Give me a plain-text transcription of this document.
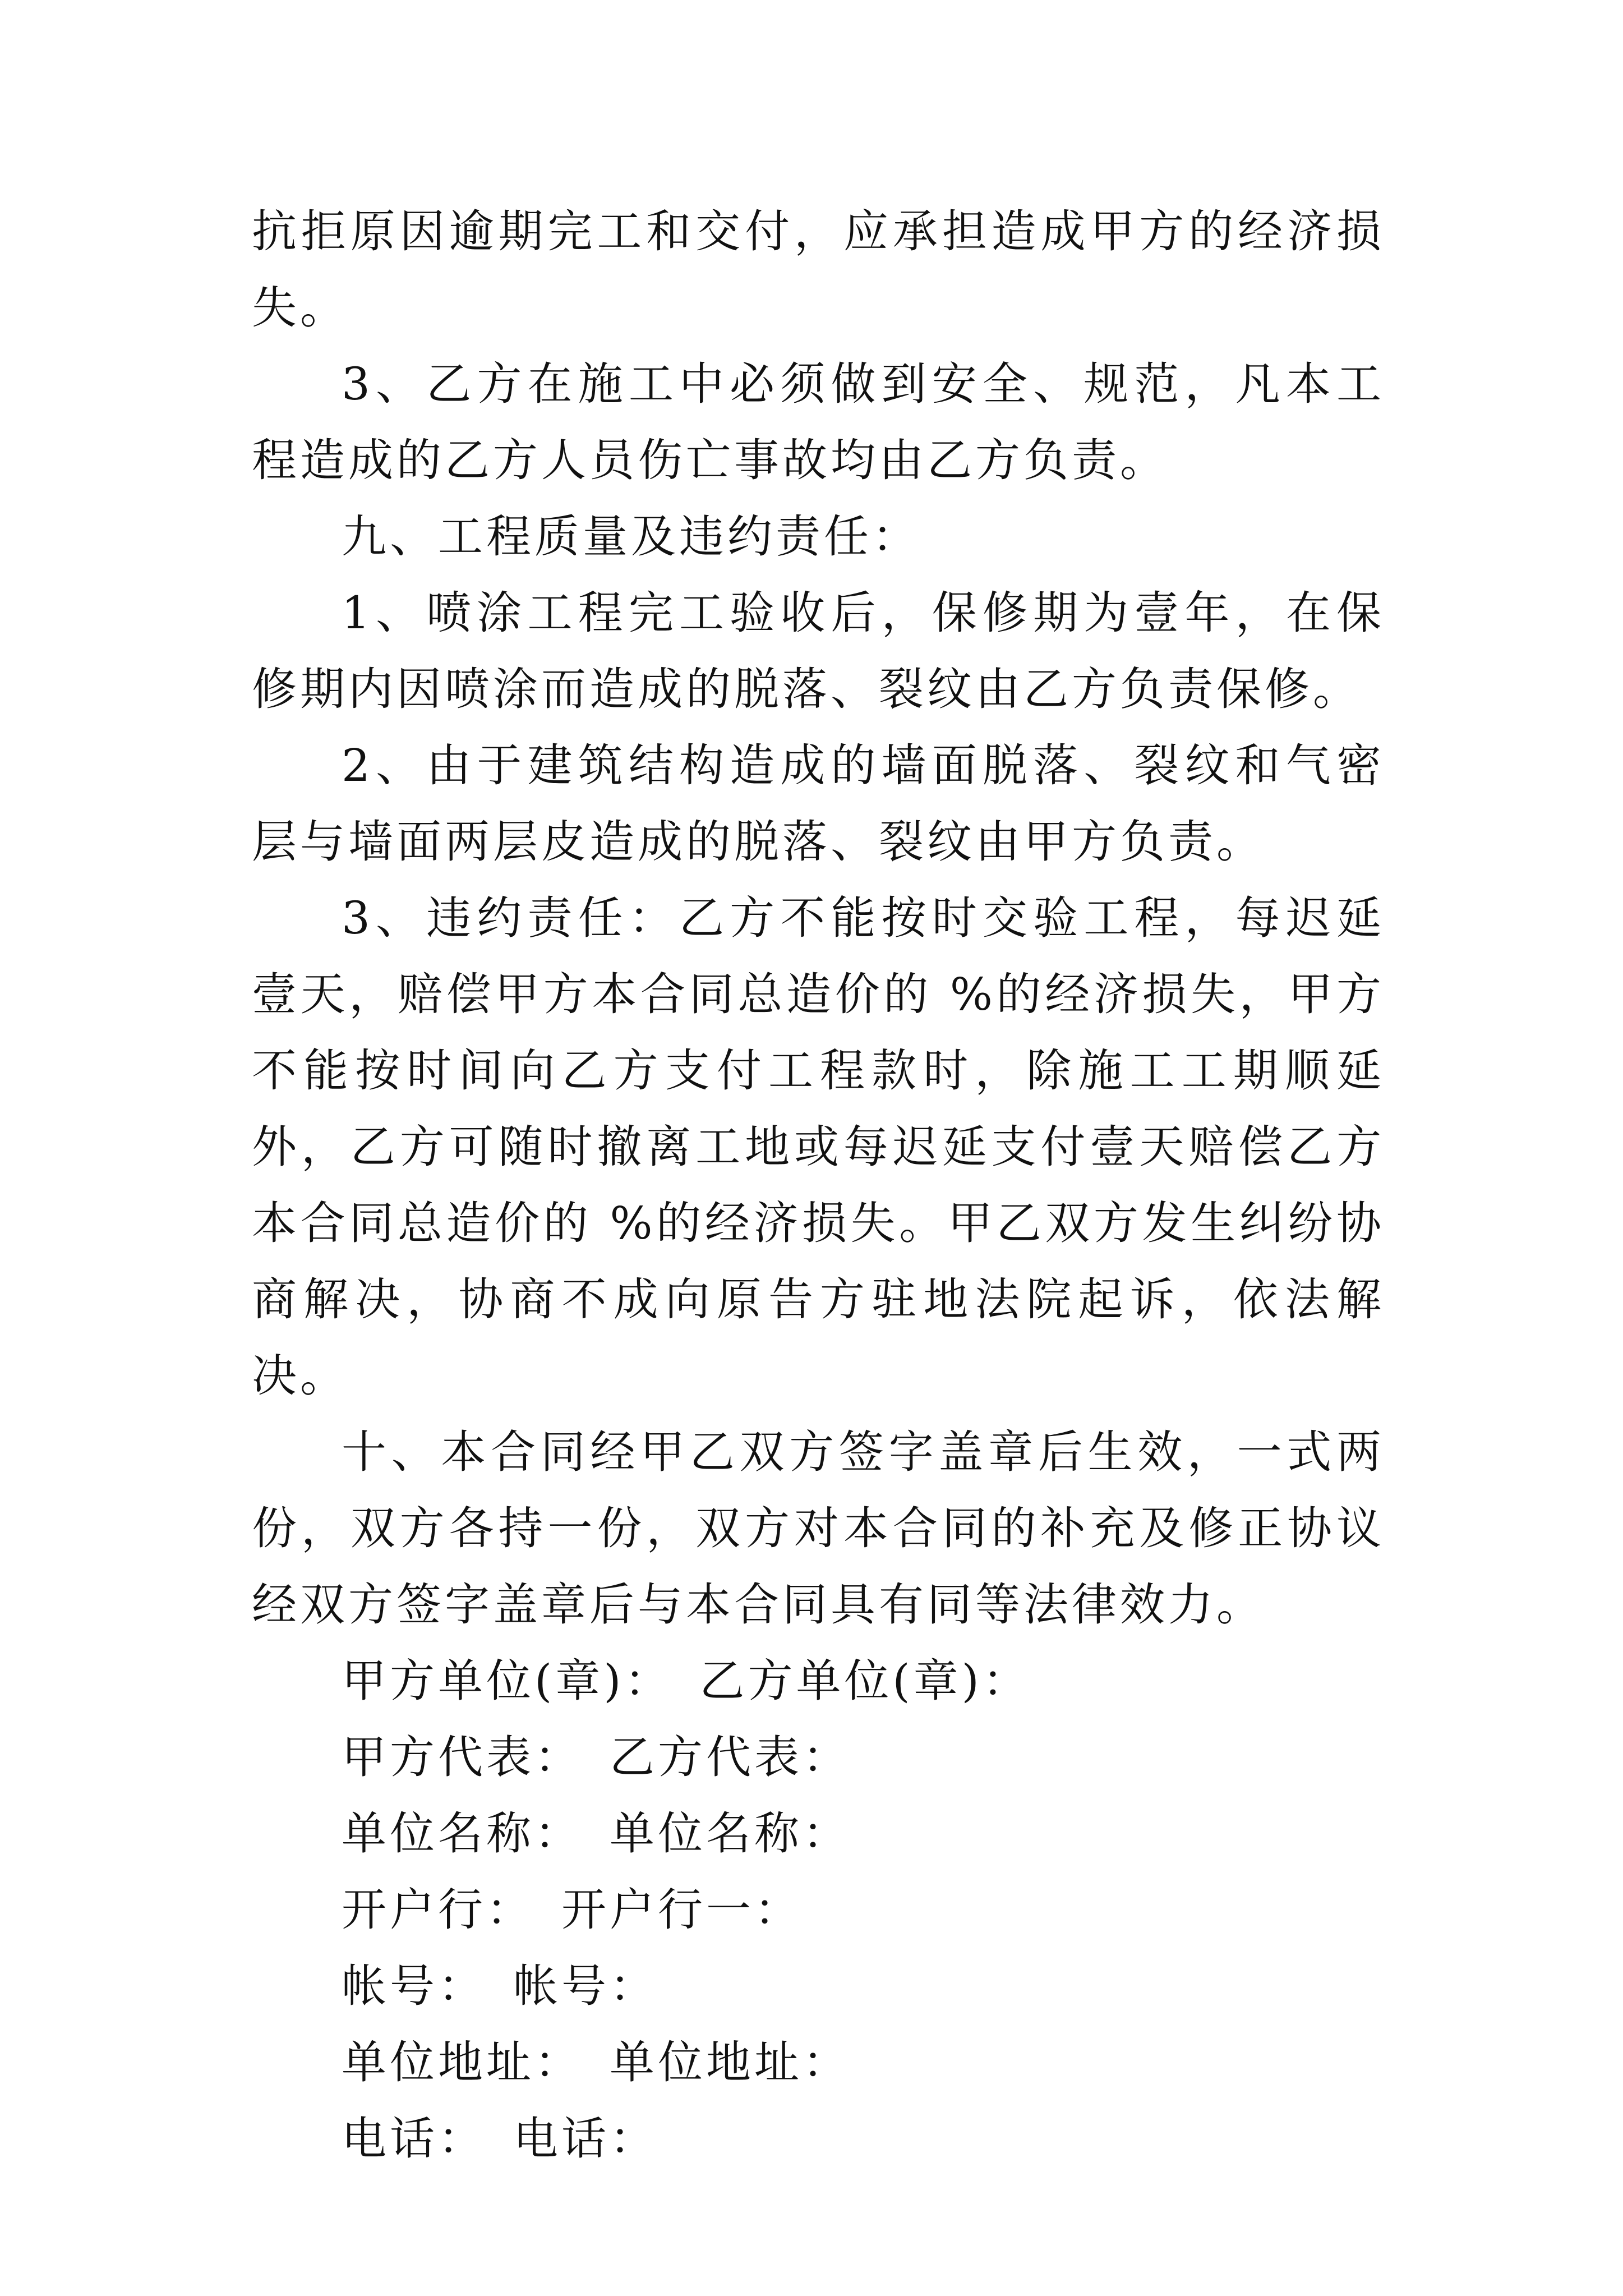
抗拒原因逾期完工和交付，应承担造成甲方的经济损失。

3、乙方在施工中必须做到安全、规范，凡本工程造成的乙方人员伤亡事故均由乙方负责。

九、工程质量及违约责任：

1、喷涂工程完工验收后，保修期为壹年，在保修期内因喷涂而造成的脱落、裂纹由乙方负责保修。

2、由于建筑结构造成的墙面脱落、裂纹和气密层与墙面两层皮造成的脱落、裂纹由甲方负责。

3、违约责任：乙方不能按时交验工程，每迟延壹天，赔偿甲方本合同总造价的 %的经济损失，甲方不能按时间向乙方支付工程款时，除施工工期顺延外，乙方可随时撤离工地或每迟延支付壹天赔偿乙方本合同总造价的 %的经济损失。甲乙双方发生纠纷协商解决，协商不成向原告方驻地法院起诉，依法解决。

十、本合同经甲乙双方签字盖章后生效，一式两份，双方各持一份，双方对本合同的补充及修正协议经双方签字盖章后与本合同具有同等法律效力。

甲方单位(章)： 乙方单位(章)：

甲方代表： 乙方代表：

单位名称： 单位名称：

开户行： 开户行一：

帐号： 帐号：

单位地址： 单位地址：

电话： 电话：
